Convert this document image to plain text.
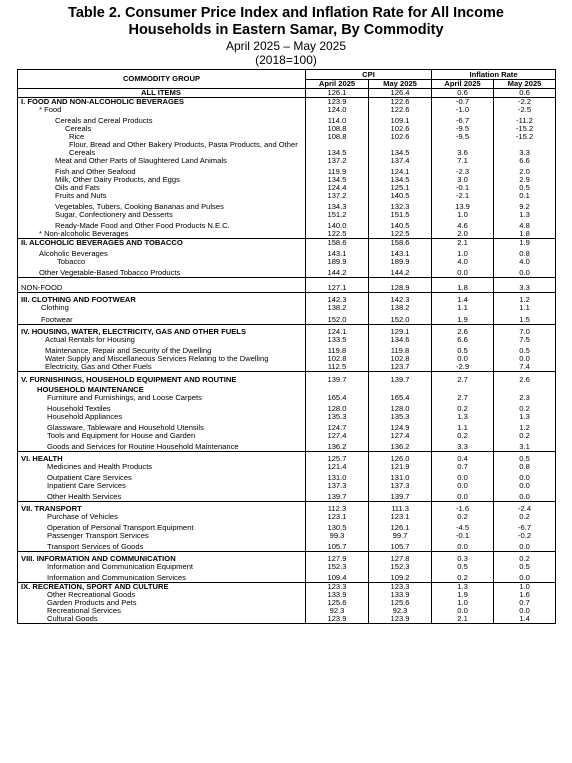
Table 2. Consumer Price Index and Inflation Rate for All Income
Households in Eastern Samar, By Commodity
April 2025 – May 2025
(2018=100)
COMMODITY GROUP	CPI		Inflation Rate	
	April 2025	May 2025	April 2025	May 2025
ALL ITEMS	126.1	126.4	0.6	0.6
I. FOOD AND NON-ALCOHOLIC BEVERAGES	123.9	122.6	-0.7	-2.2
* Food	124.0	122.6	-1.0	-2.5
Cereals and Cereal Products	114.0	109.1	-6.7	-11.2
Cereals	108.8	102.6	-9.5	-15.2
Rice	108.8	102.6	-9.5	-15.2
Flour, Bread and Other Bakery Products, Pasta Products, and Other Cereals	134.5	134.5	3.6	3.3
Meat and Other Parts of Slaughtered Land Animals	137.2	137.4	7.1	6.6
Fish and Other Seafood	119.9	124.1	-2.3	2.0
Milk, Other Dairy Products, and Eggs	134.5	134.5	3.0	2.9
Oils and Fats	124.4	125.1	-0.1	0.5
Fruits and Nuts	137.2	140.5	-2.1	0.1
Vegetables, Tubers, Cooking Bananas and Pulses	134.3	132.3	13.9	9.2
Sugar, Confectionery and Desserts	151.2	151.5	1.0	1.3
Ready-Made Food and Other Food Products N.E.C.	140.0	140.5	4.6	4.8
* Non-alcoholic Beverages	122.5	122.5	2.0	1.8
II. ALCOHOLIC BEVERAGES AND TOBACCO	158.6	158.6	2.1	1.9
Alcoholic Beverages	143.1	143.1	1.0	0.8
Tobacco	189.9	189.9	4.0	4.0
Other Vegetable-Based Tobacco Products	144.2	144.2	0.0	0.0
NON-FOOD	127.1	128.9	1.8	3.3
III. CLOTHING AND FOOTWEAR	142.3	142.3	1.4	1.2
Clothing	138.2	138.2	1.1	1.1
Footwear	152.0	152.0	1.9	1.5
IV. HOUSING, WATER, ELECTRICITY, GAS AND OTHER FUELS	124.1	129.1	2.6	7.0
Actual Rentals for Housing	133.5	134.6	6.6	7.5
Maintenance, Repair and Security of the Dwelling	119.8	119.8	0.5	0.5
Water Supply and Miscellaneous Services Relating to the Dwelling	102.8	102.8	0.0	0.0
Electricity, Gas and Other Fuels	112.5	123.7	-2.9	7.4
V. FURNISHINGS, HOUSEHOLD EQUIPMENT AND ROUTINE	139.7	139.7	2.7	2.6
HOUSEHOLD MAINTENANCE				
Furniture and Furnishings, and Loose Carpets	165.4	165.4	2.7	2.3
Household Textiles	128.0	128.0	0.2	0.2
Household Appliances	135.3	135.3	1.3	1.3
Glassware, Tableware and Household Utensils	124.7	124.9	1.1	1.2
Tools and Equipment for House and Garden	127.4	127.4	0.2	0.2
Goods and Services for Routine Household Maintenance	136.2	136.2	3.3	3.1
VI. HEALTH	125.7	126.0	0.4	0.5
Medicines and Health Products	121.4	121.9	0.7	0.8
Outpatient Care Services	131.0	131.0	0.0	0.0
Inpatient Care Services	137.3	137.3	0.0	0.0
Other Health Services	139.7	139.7	0.0	0.0
VII. TRANSPORT	112.3	111.3	-1.6	-2.4
Purchase of Vehicles	123.1	123.1	0.2	0.2
Operation of Personal Transport Equipment	130.5	126.1	-4.5	-6.7
Passenger Transport Services	99.3	99.7	-0.1	-0.2
Transport Services of Goods	105.7	105.7	0.0	0.0
VIII. INFORMATION AND COMMUNICATION	127.9	127.8	0.3	0.2
Information and Communication Equipment	152.3	152.3	0.5	0.5
Information and Communication Services	109.4	109.2	0.2	0.0
IX. RECREATION, SPORT AND CULTURE	123.3	123.3	1.3	1.0
Other Recreational Goods	133.9	133.9	1.9	1.6
Garden Products and Pets	125.6	125.6	1.0	0.7
Recreational Services	92.3	92.3	0.0	0.0
Cultural Goods	123.9	123.9	2.1	1.4
